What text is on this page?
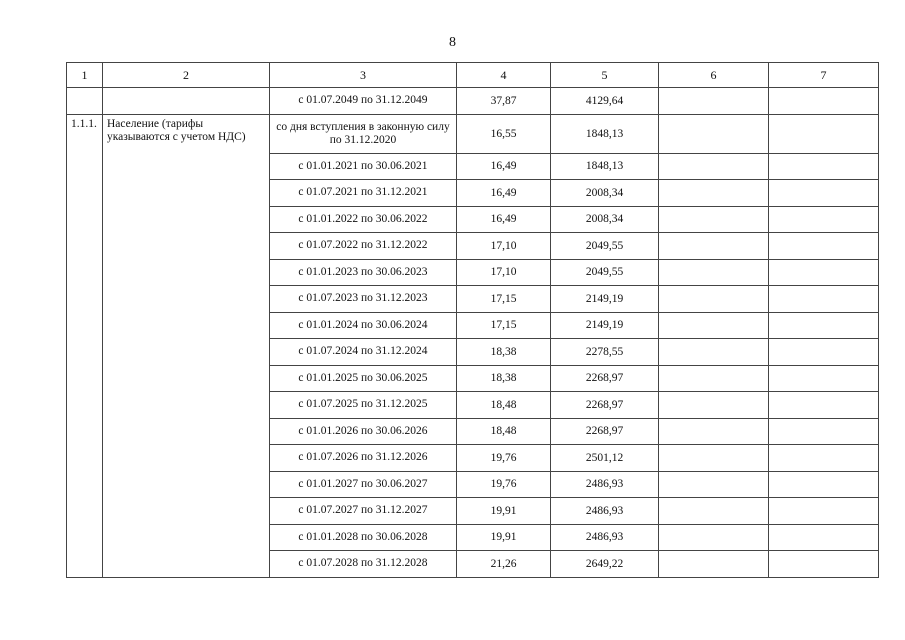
8
1	2	3	4	5	6	7
		с 01.07.2049 по 31.12.2049	37,87	4129,64		
1.1.1.	Население (тарифы указываются с учетом НДС)	со дня вступления в законную силу по 31.12.2020	16,55	1848,13		
		с 01.01.2021 по 30.06.2021	16,49	1848,13		
		с 01.07.2021 по 31.12.2021	16,49	2008,34		
		с 01.01.2022 по 30.06.2022	16,49	2008,34		
		с 01.07.2022 по 31.12.2022	17,10	2049,55		
		с 01.01.2023 по 30.06.2023	17,10	2049,55		
		с 01.07.2023 по 31.12.2023	17,15	2149,19		
		с 01.01.2024 по 30.06.2024	17,15	2149,19		
		с 01.07.2024 по 31.12.2024	18,38	2278,55		
		с 01.01.2025 по 30.06.2025	18,38	2268,97		
		с 01.07.2025 по 31.12.2025	18,48	2268,97		
		с 01.01.2026 по 30.06.2026	18,48	2268,97		
		с 01.07.2026 по 31.12.2026	19,76	2501,12		
		с 01.01.2027 по 30.06.2027	19,76	2486,93		
		с 01.07.2027 по 31.12.2027	19,91	2486,93		
		с 01.01.2028 по 30.06.2028	19,91	2486,93		
		с 01.07.2028 по 31.12.2028	21,26	2649,22		
